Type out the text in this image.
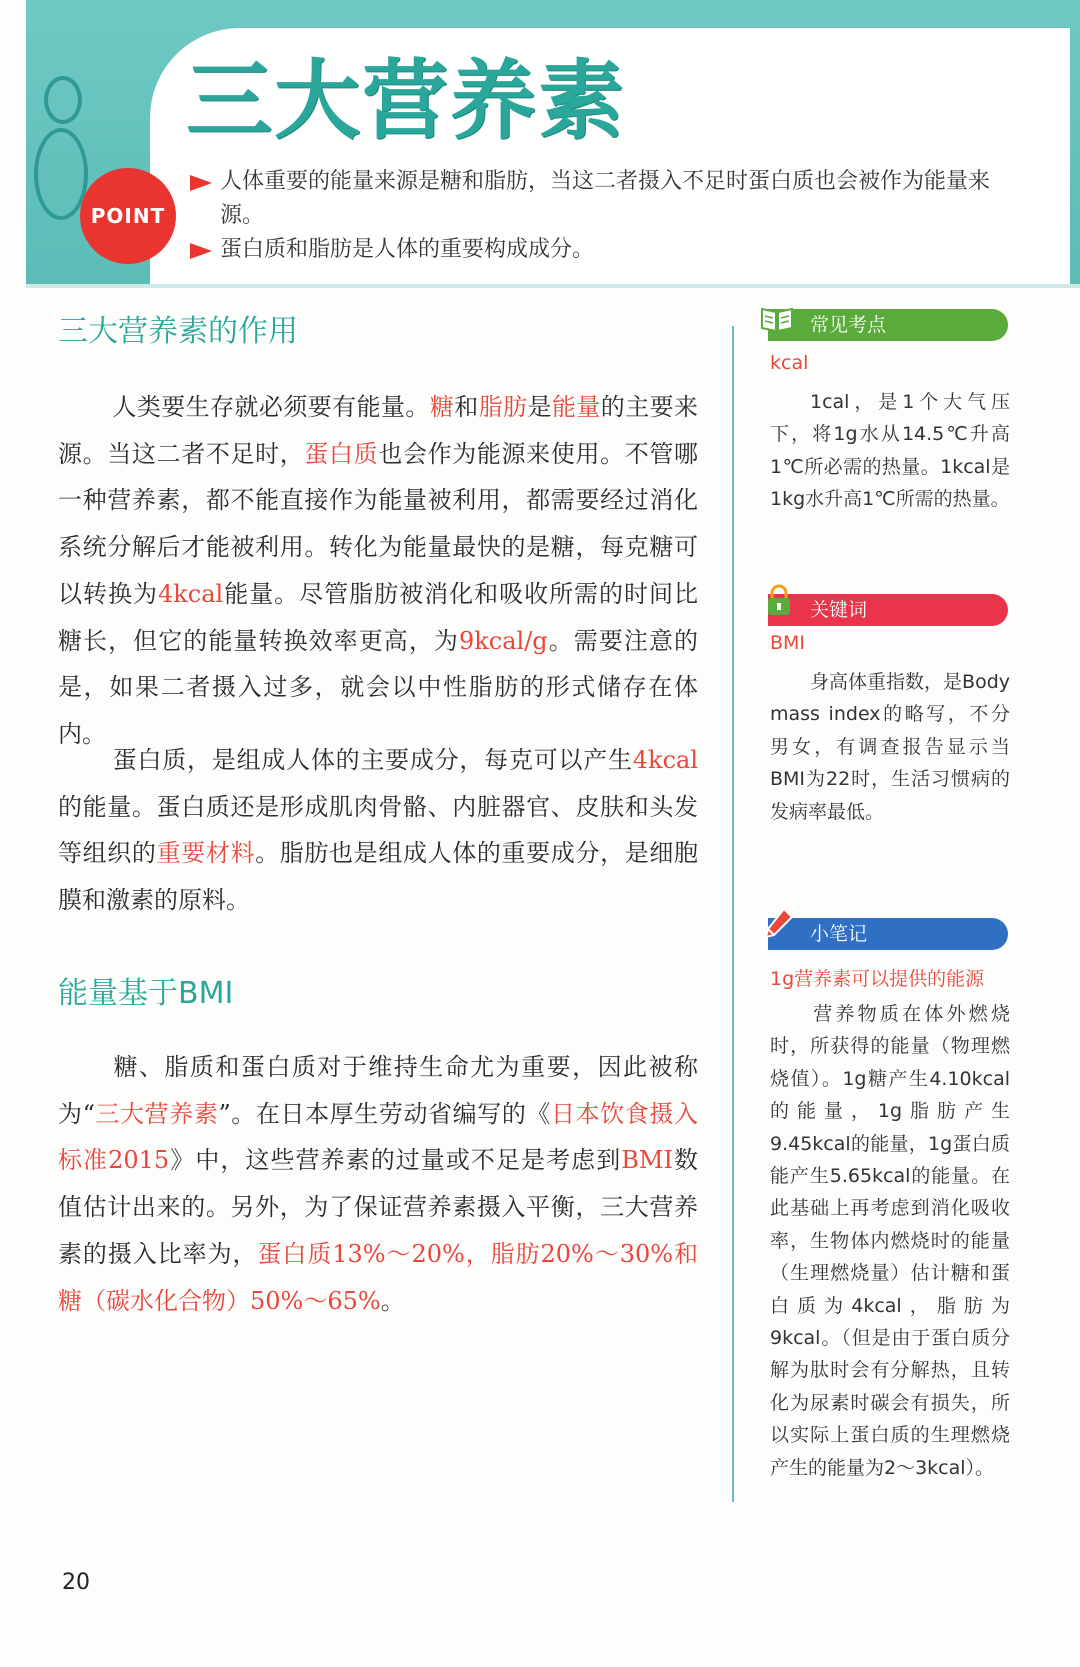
三大营养素
POINT
人体重要的能量来源是糖和脂肪，当这二者摄入不足时蛋白质也会被作为能量来源。
蛋白质和脂肪是人体的重要构成成分。
三大营养素的作用
人类要生存就必须要有能量。糖和脂肪是能量的主要来源。当这二者不足时，蛋白质也会作为能源来使用。不管哪一种营养素，都不能直接作为能量被利用，都需要经过消化系统分解后才能被利用。转化为能量最快的是糖，每克糖可以转换为4kcal能量。尽管脂肪被消化和吸收所需的时间比糖长，但它的能量转换效率更高，为9kcal/g。需要注意的是，如果二者摄入过多，就会以中性脂肪的形式储存在体内。
蛋白质，是组成人体的主要成分，每克可以产生4kcal的能量。蛋白质还是形成肌肉骨骼、内脏器官、皮肤和头发等组织的重要材料。脂肪也是组成人体的重要成分，是细胞膜和激素的原料。
能量基于BMI
糖、脂质和蛋白质对于维持生命尤为重要，因此被称为“三大营养素”。在日本厚生劳动省编写的《日本饮食摄入标准2015》中，这些营养素的过量或不足是考虑到BMI数值估计出来的。另外，为了保证营养素摄入平衡，三大营养素的摄入比率为，蛋白质13%～20%，脂肪20%～30%和糖（碳水化合物）50%～65%。
常见考点
kcal
1cal，是1个大气压下，将1g水从14.5℃升高1℃所必需的热量。1kcal是1kg水升高1℃所需的热量。
关键词
BMI
身高体重指数，是Body mass index的略写，不分男女，有调查报告显示当BMI为22时，生活习惯病的发病率最低。
小笔记
1g营养素可以提供的能源
营养物质在体外燃烧时，所获得的能量（物理燃烧值）。1g糖产生4.10kcal的能量，1g脂肪产生9.45kcal的能量，1g蛋白质能产生5.65kcal的能量。在此基础上再考虑到消化吸收率，生物体内燃烧时的能量（生理燃烧量）估计糖和蛋白质为4kcal，脂肪为9kcal。（但是由于蛋白质分解为肽时会有分解热，且转化为尿素时碳会有损失，所以实际上蛋白质的生理燃烧产生的能量为2～3kcal）。
20
